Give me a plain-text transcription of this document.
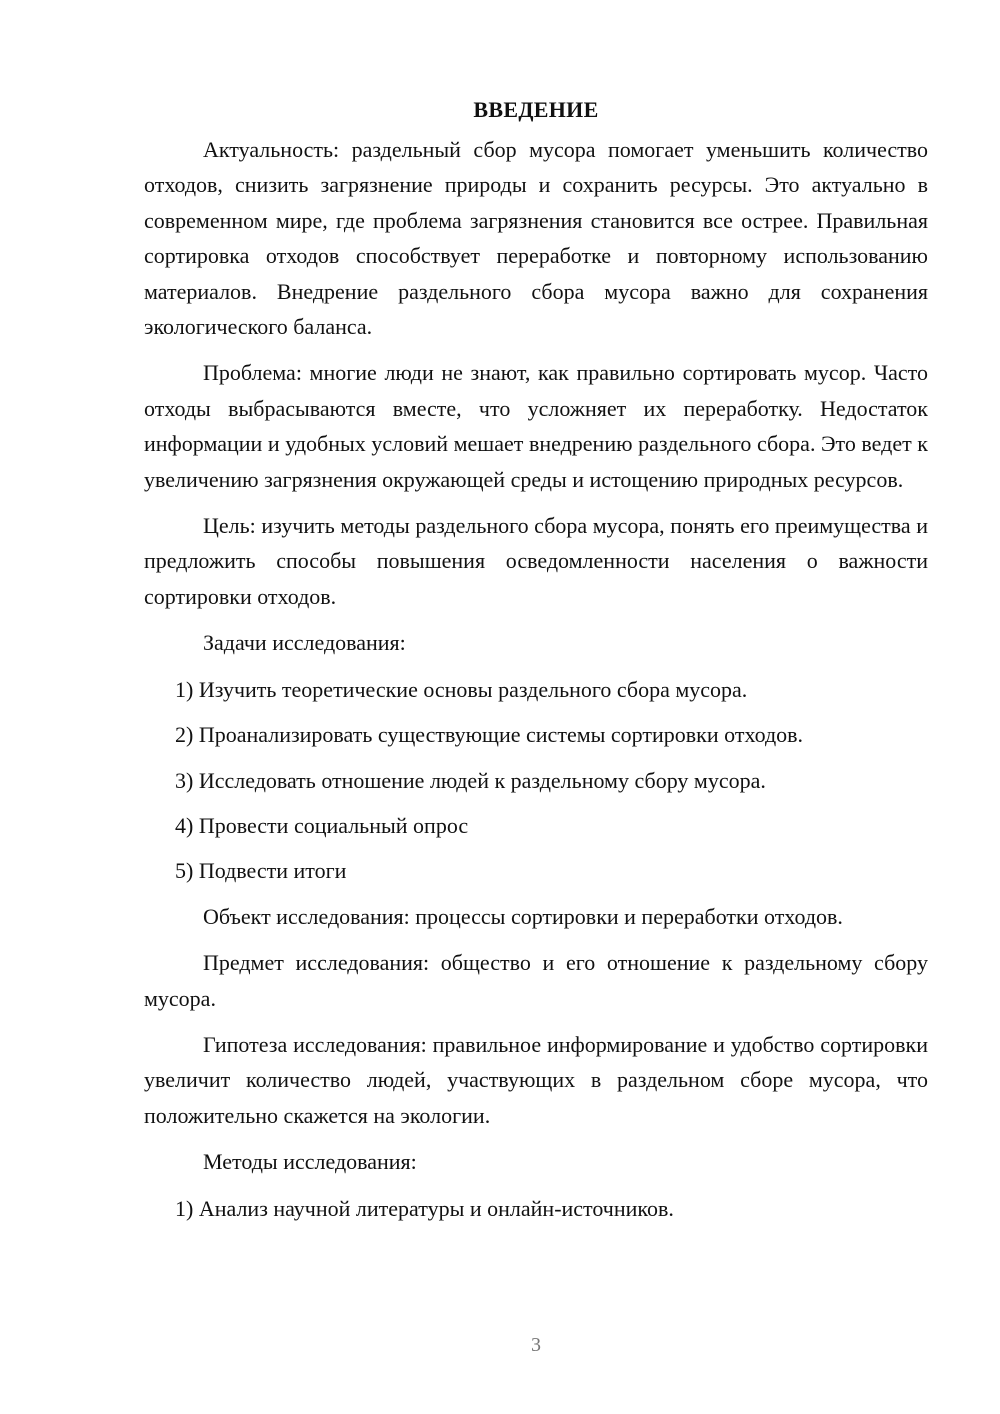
ВВЕДЕНИЕ

Актуальность: раздельный сбор мусора помогает уменьшить количество отходов, снизить загрязнение природы и сохранить ресурсы. Это актуально в современном мире, где проблема загрязнения становится все острее. Правильная сортировка отходов способствует переработке и повторному использованию материалов. Внедрение раздельного сбора мусора важно для сохранения экологического баланса.

Проблема: многие люди не знают, как правильно сортировать мусор. Часто отходы выбрасываются вместе, что усложняет их переработку. Недостаток информации и удобных условий мешает внедрению раздельного сбора. Это ведет к увеличению загрязнения окружающей среды и истощению природных ресурсов.

Цель: изучить методы раздельного сбора мусора, понять его преимущества и предложить способы повышения осведомленности населения о важности сортировки отходов.

Задачи исследования:

1) Изучить теоретические основы раздельного сбора мусора.
2) Проанализировать существующие системы сортировки отходов.
3) Исследовать отношение людей к раздельному сбору мусора.
4) Провести социальный опрос
5) Подвести итоги

Объект исследования: процессы сортировки и переработки отходов.

Предмет исследования: общество и его отношение к раздельному сбору мусора.

Гипотеза исследования: правильное информирование и удобство сортировки увеличит количество людей, участвующих в раздельном сборе мусора, что положительно скажется на экологии.

Методы исследования:

1) Анализ научной литературы и онлайн-источников.
3
